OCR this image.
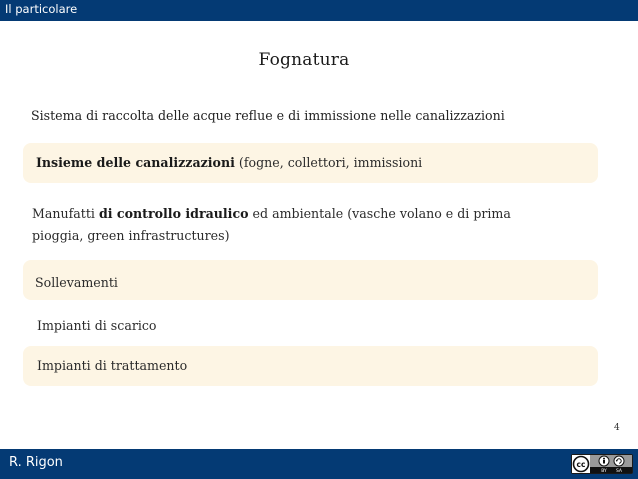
Il particolare
Fognatura
Sistema di raccolta delle acque reflue e di immissione nelle canalizzazioni
Insieme delle canalizzazioni (fogne, collettori, immissioni
Manufatti di controllo idraulico ed ambientale (vasche volano e di prima
pioggia, green infrastructures)
Sollevamenti
Impianti di scarico
Impianti di trattamento
4
R. Rigon	cc
BY SA
